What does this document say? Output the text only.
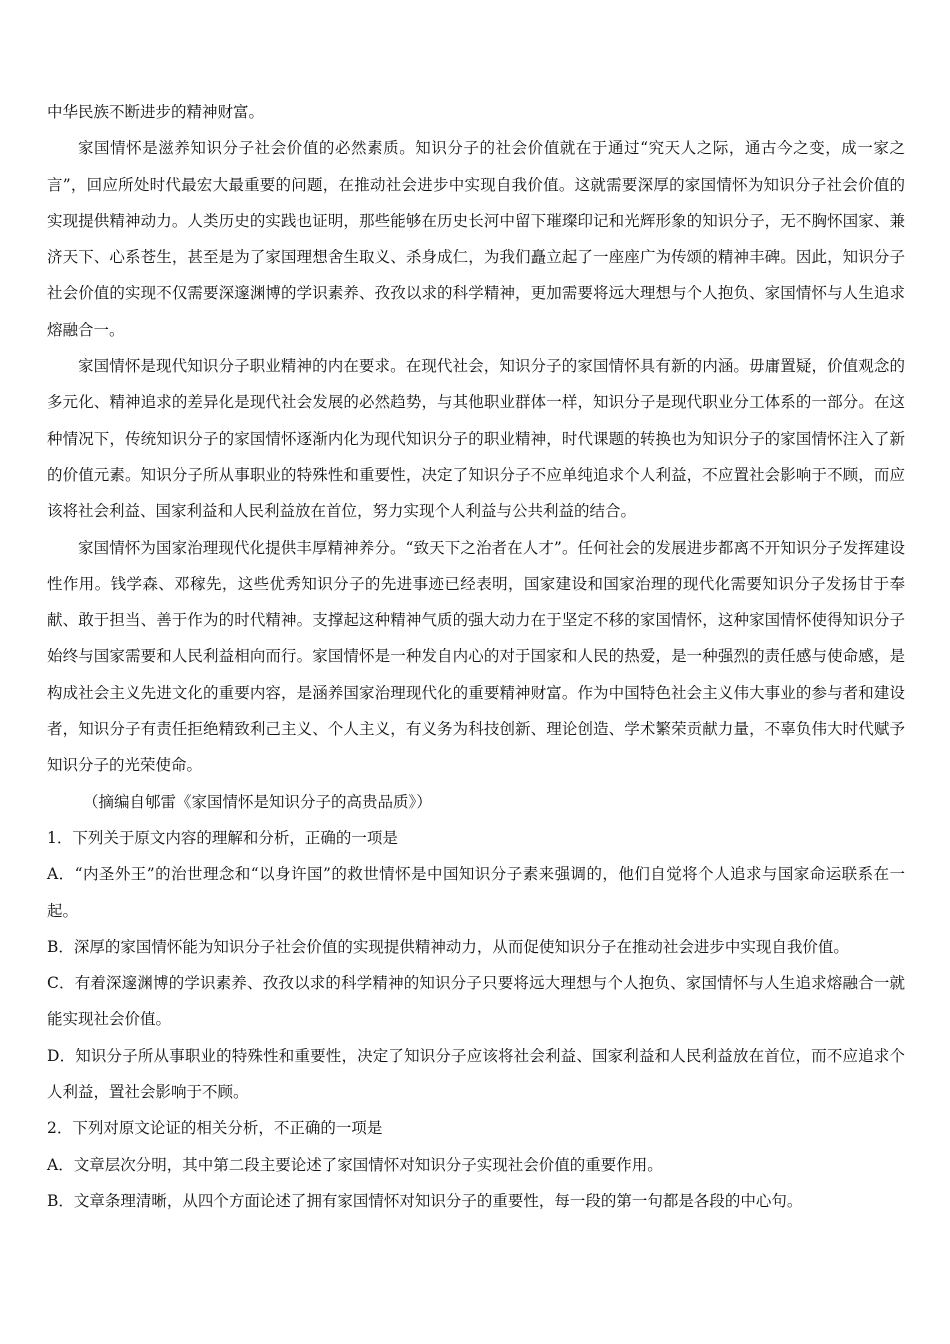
中华民族不断进步的精神财富。

家国情怀是滋养知识分子社会价值的必然素质。知识分子的社会价值就在于通过“究天人之际，通古今之变，成一家之言”，回应所处时代最宏大最重要的问题，在推动社会进步中实现自我价值。这就需要深厚的家国情怀为知识分子社会价值的实现提供精神动力。人类历史的实践也证明，那些能够在历史长河中留下璀璨印记和光辉形象的知识分子，无不胸怀国家、兼济天下、心系苍生，甚至是为了家国理想舍生取义、杀身成仁，为我们矗立起了一座座广为传颂的精神丰碑。因此，知识分子社会价值的实现不仅需要深邃渊博的学识素养、孜孜以求的科学精神，更加需要将远大理想与个人抱负、家国情怀与人生追求熔融合一。

家国情怀是现代知识分子职业精神的内在要求。在现代社会，知识分子的家国情怀具有新的内涵。毋庸置疑，价值观念的多元化、精神追求的差异化是现代社会发展的必然趋势，与其他职业群体一样，知识分子是现代职业分工体系的一部分。在这种情况下，传统知识分子的家国情怀逐渐内化为现代知识分子的职业精神，时代课题的转换也为知识分子的家国情怀注入了新的价值元素。知识分子所从事职业的特殊性和重要性，决定了知识分子不应单纯追求个人利益，不应置社会影响于不顾，而应该将社会利益、国家利益和人民利益放在首位，努力实现个人利益与公共利益的结合。

家国情怀为国家治理现代化提供丰厚精神养分。“致天下之治者在人才”。任何社会的发展进步都离不开知识分子发挥建设性作用。钱学森、邓稼先，这些优秀知识分子的先进事迹已经表明，国家建设和国家治理的现代化需要知识分子发扬甘于奉献、敢于担当、善于作为的时代精神。支撑起这种精神气质的强大动力在于坚定不移的家国情怀，这种家国情怀使得知识分子始终与国家需要和人民利益相向而行。家国情怀是一种发自内心的对于国家和人民的热爱，是一种强烈的责任感与使命感，是构成社会主义先进文化的重要内容，是涵养国家治理现代化的重要精神财富。作为中国特色社会主义伟大事业的参与者和建设者，知识分子有责任拒绝精致利己主义、个人主义，有义务为科技创新、理论创造、学术繁荣贡献力量，不辜负伟大时代赋予知识分子的光荣使命。

（摘编自郇雷《家国情怀是知识分子的高贵品质》）

1．下列关于原文内容的理解和分析，正确的一项是

A．“内圣外王”的治世理念和“以身许国”的救世情怀是中国知识分子素来强调的，他们自觉将个人追求与国家命运联系在一起。

B．深厚的家国情怀能为知识分子社会价值的实现提供精神动力，从而促使知识分子在推动社会进步中实现自我价值。

C．有着深邃渊博的学识素养、孜孜以求的科学精神的知识分子只要将远大理想与个人抱负、家国情怀与人生追求熔融合一就能实现社会价值。

D．知识分子所从事职业的特殊性和重要性，决定了知识分子应该将社会利益、国家利益和人民利益放在首位，而不应追求个人利益，置社会影响于不顾。

2．下列对原文论证的相关分析，不正确的一项是

A．文章层次分明，其中第二段主要论述了家国情怀对知识分子实现社会价值的重要作用。

B．文章条理清晰，从四个方面论述了拥有家国情怀对知识分子的重要性，每一段的第一句都是各段的中心句。
